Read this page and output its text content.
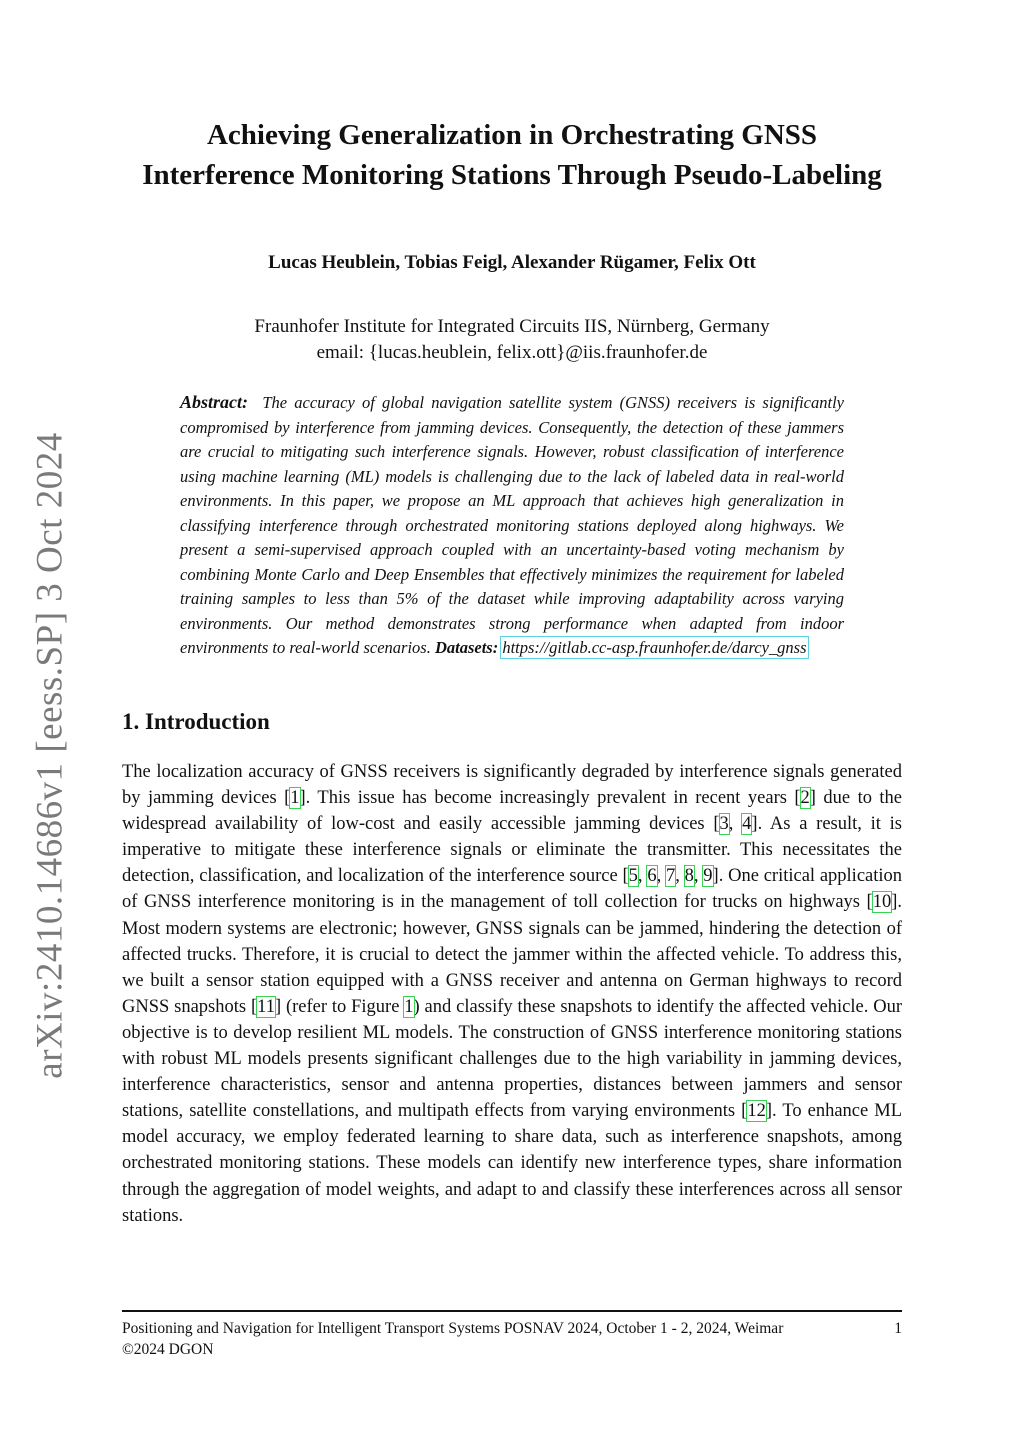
arXiv:2410.14686v1 [eess.SP] 3 Oct 2024
Achieving Generalization in Orchestrating GNSS
Interference Monitoring Stations Through Pseudo-Labeling
Lucas Heublein, Tobias Feigl, Alexander Rügamer, Felix Ott
Fraunhofer Institute for Integrated Circuits IIS, Nürnberg, Germany
email: {lucas.heublein, felix.ott}@iis.fraunhofer.de

Abstract: The accuracy of global navigation satellite system (GNSS) receivers is significantly compromised by interference from jamming devices. Consequently, the detection of these jammers are crucial to mitigating such interference signals. However, robust classification of interference using machine learning (ML) models is challenging due to the lack of labeled data in real-world environments. In this paper, we propose an ML approach that achieves high generalization in classifying interference through orchestrated monitoring stations deployed along highways. We present a semi-supervised approach coupled with an uncertainty-based voting mechanism by combining Monte Carlo and Deep Ensembles that effectively minimizes the requirement for labeled training samples to less than 5% of the dataset while improving adaptability across varying environments. Our method demonstrates strong performance when adapted from indoor environments to real-world scenarios. Datasets: https://gitlab.cc-asp.fraunhofer.de/darcy_gnss

1. Introduction

The localization accuracy of GNSS receivers is significantly degraded by interference signals generated by jamming devices [1]. This issue has become increasingly prevalent in recent years [2] due to the widespread availability of low-cost and easily accessible jamming devices [3, 4]. As a result, it is imperative to mitigate these interference signals or eliminate the transmitter. This necessitates the detection, classification, and localization of the interference source [5, 6, 7, 8, 9]. One critical application of GNSS interference monitoring is in the management of toll collection for trucks on highways [10]. Most modern systems are electronic; however, GNSS signals can be jammed, hindering the detection of affected trucks. Therefore, it is crucial to detect the jammer within the affected vehicle. To address this, we built a sensor station equipped with a GNSS receiver and antenna on German highways to record GNSS snapshots [11] (refer to Figure 1) and classify these snapshots to identify the affected vehicle. Our objective is to develop resilient ML models. The construction of GNSS interference monitoring stations with robust ML models presents significant challenges due to the high variability in jamming devices, interference characteristics, sensor and antenna properties, distances between jammers and sensor stations, satellite constellations, and multipath effects from varying environments [12]. To enhance ML model accuracy, we employ federated learning to share data, such as interference snapshots, among orchestrated monitoring stations. These models can identify new interference types, share information through the aggregation of model weights, and adapt to and classify these interferences across all sensor stations.

Positioning and Navigation for Intelligent Transport Systems POSNAV 2024, October 1 - 2, 2024, Weimar	1
©2024 DGON
